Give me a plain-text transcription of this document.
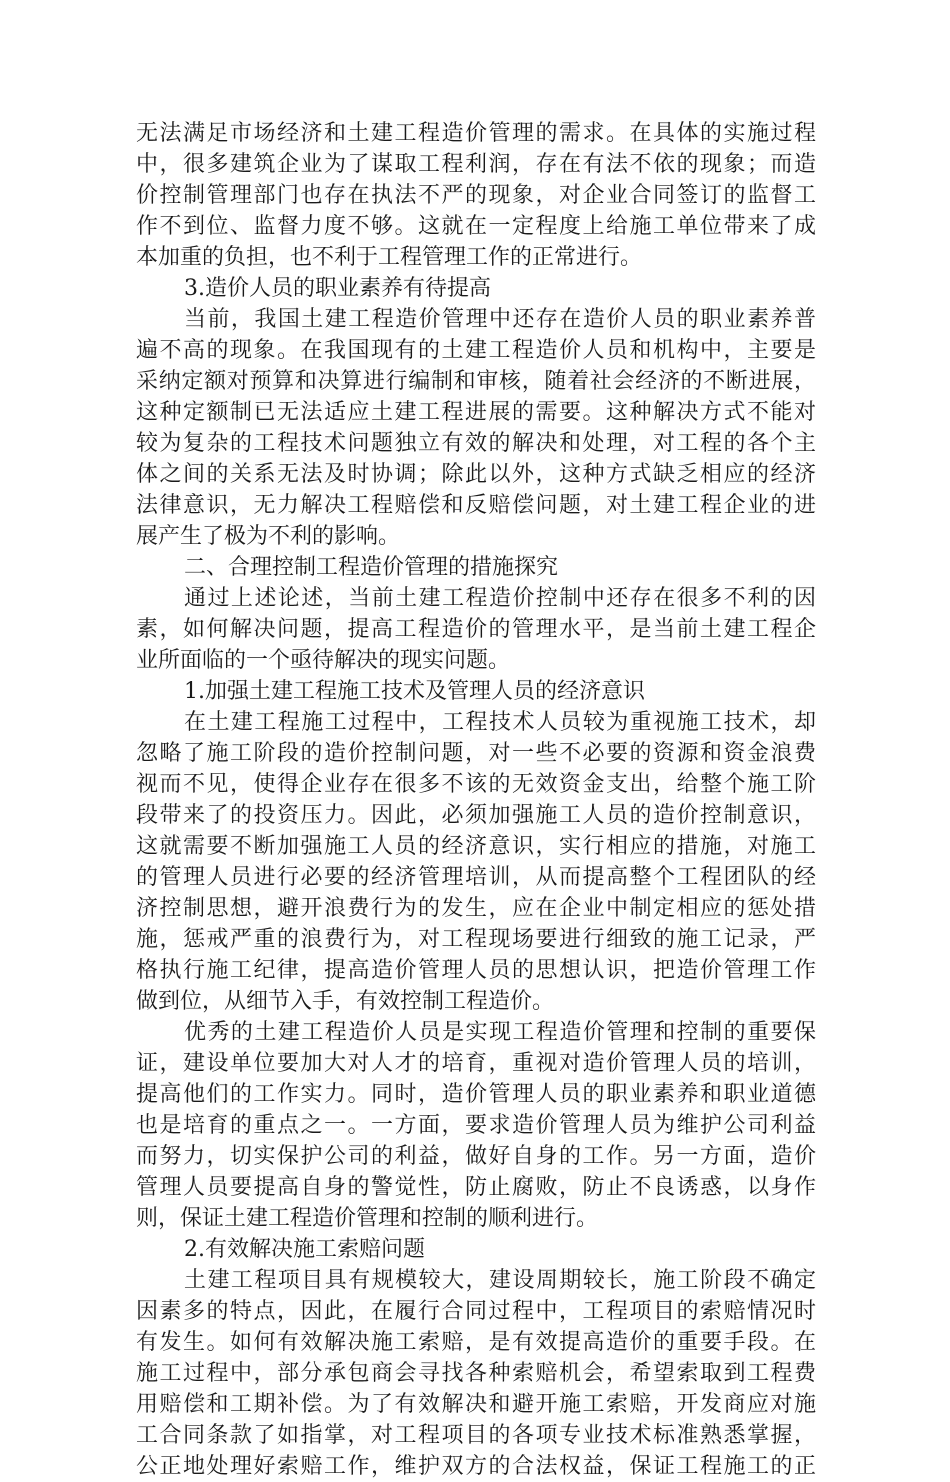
无法满足市场经济和土建工程造价管理的需求。在具体的实施过程
中，很多建筑企业为了谋取工程利润，存在有法不依的现象；而造
价控制管理部门也存在执法不严的现象，对企业合同签订的监督工
作不到位、监督力度不够。这就在一定程度上给施工单位带来了成
本加重的负担，也不利于工程管理工作的正常进行。
3.造价人员的职业素养有待提高
当前，我国土建工程造价管理中还存在造价人员的职业素养普
遍不高的现象。在我国现有的土建工程造价人员和机构中，主要是
采纳定额对预算和决算进行编制和审核，随着社会经济的不断进展，
这种定额制已无法适应土建工程进展的需要。这种解决方式不能对
较为复杂的工程技术问题独立有效的解决和处理，对工程的各个主
体之间的关系无法及时协调；除此以外，这种方式缺乏相应的经济
法律意识，无力解决工程赔偿和反赔偿问题，对土建工程企业的进
展产生了极为不利的影响。
二、合理控制工程造价管理的措施探究
通过上述论述，当前土建工程造价控制中还存在很多不利的因
素，如何解决问题，提高工程造价的管理水平，是当前土建工程企
业所面临的一个亟待解决的现实问题。
1.加强土建工程施工技术及管理人员的经济意识
在土建工程施工过程中，工程技术人员较为重视施工技术，却
忽略了施工阶段的造价控制问题，对一些不必要的资源和资金浪费
视而不见，使得企业存在很多不该的无效资金支出，给整个施工阶
段带来了的投资压力。因此，必须加强施工人员的造价控制意识，
这就需要不断加强施工人员的经济意识，实行相应的措施，对施工
的管理人员进行必要的经济管理培训，从而提高整个工程团队的经
济控制思想，避开浪费行为的发生，应在企业中制定相应的惩处措
施，惩戒严重的浪费行为，对工程现场要进行细致的施工记录，严
格执行施工纪律，提高造价管理人员的思想认识，把造价管理工作
做到位，从细节入手，有效控制工程造价。
优秀的土建工程造价人员是实现工程造价管理和控制的重要保
证，建设单位要加大对人才的培育，重视对造价管理人员的培训，
提高他们的工作实力。同时，造价管理人员的职业素养和职业道德
也是培育的重点之一。一方面，要求造价管理人员为维护公司利益
而努力，切实保护公司的利益，做好自身的工作。另一方面，造价
管理人员要提高自身的警觉性，防止腐败，防止不良诱惑，以身作
则，保证土建工程造价管理和控制的顺利进行。
2.有效解决施工索赔问题
土建工程项目具有规模较大，建设周期较长，施工阶段不确定
因素多的特点，因此，在履行合同过程中，工程项目的索赔情况时
有发生。如何有效解决施工索赔，是有效提高造价的重要手段。在
施工过程中，部分承包商会寻找各种索赔机会，希望索取到工程费
用赔偿和工期补偿。为了有效解决和避开施工索赔，开发商应对施
工合同条款了如指掌，对工程项目的各项专业技术标准熟悉掌握，
公正地处理好索赔工作，维护双方的合法权益，保证工程施工的正
